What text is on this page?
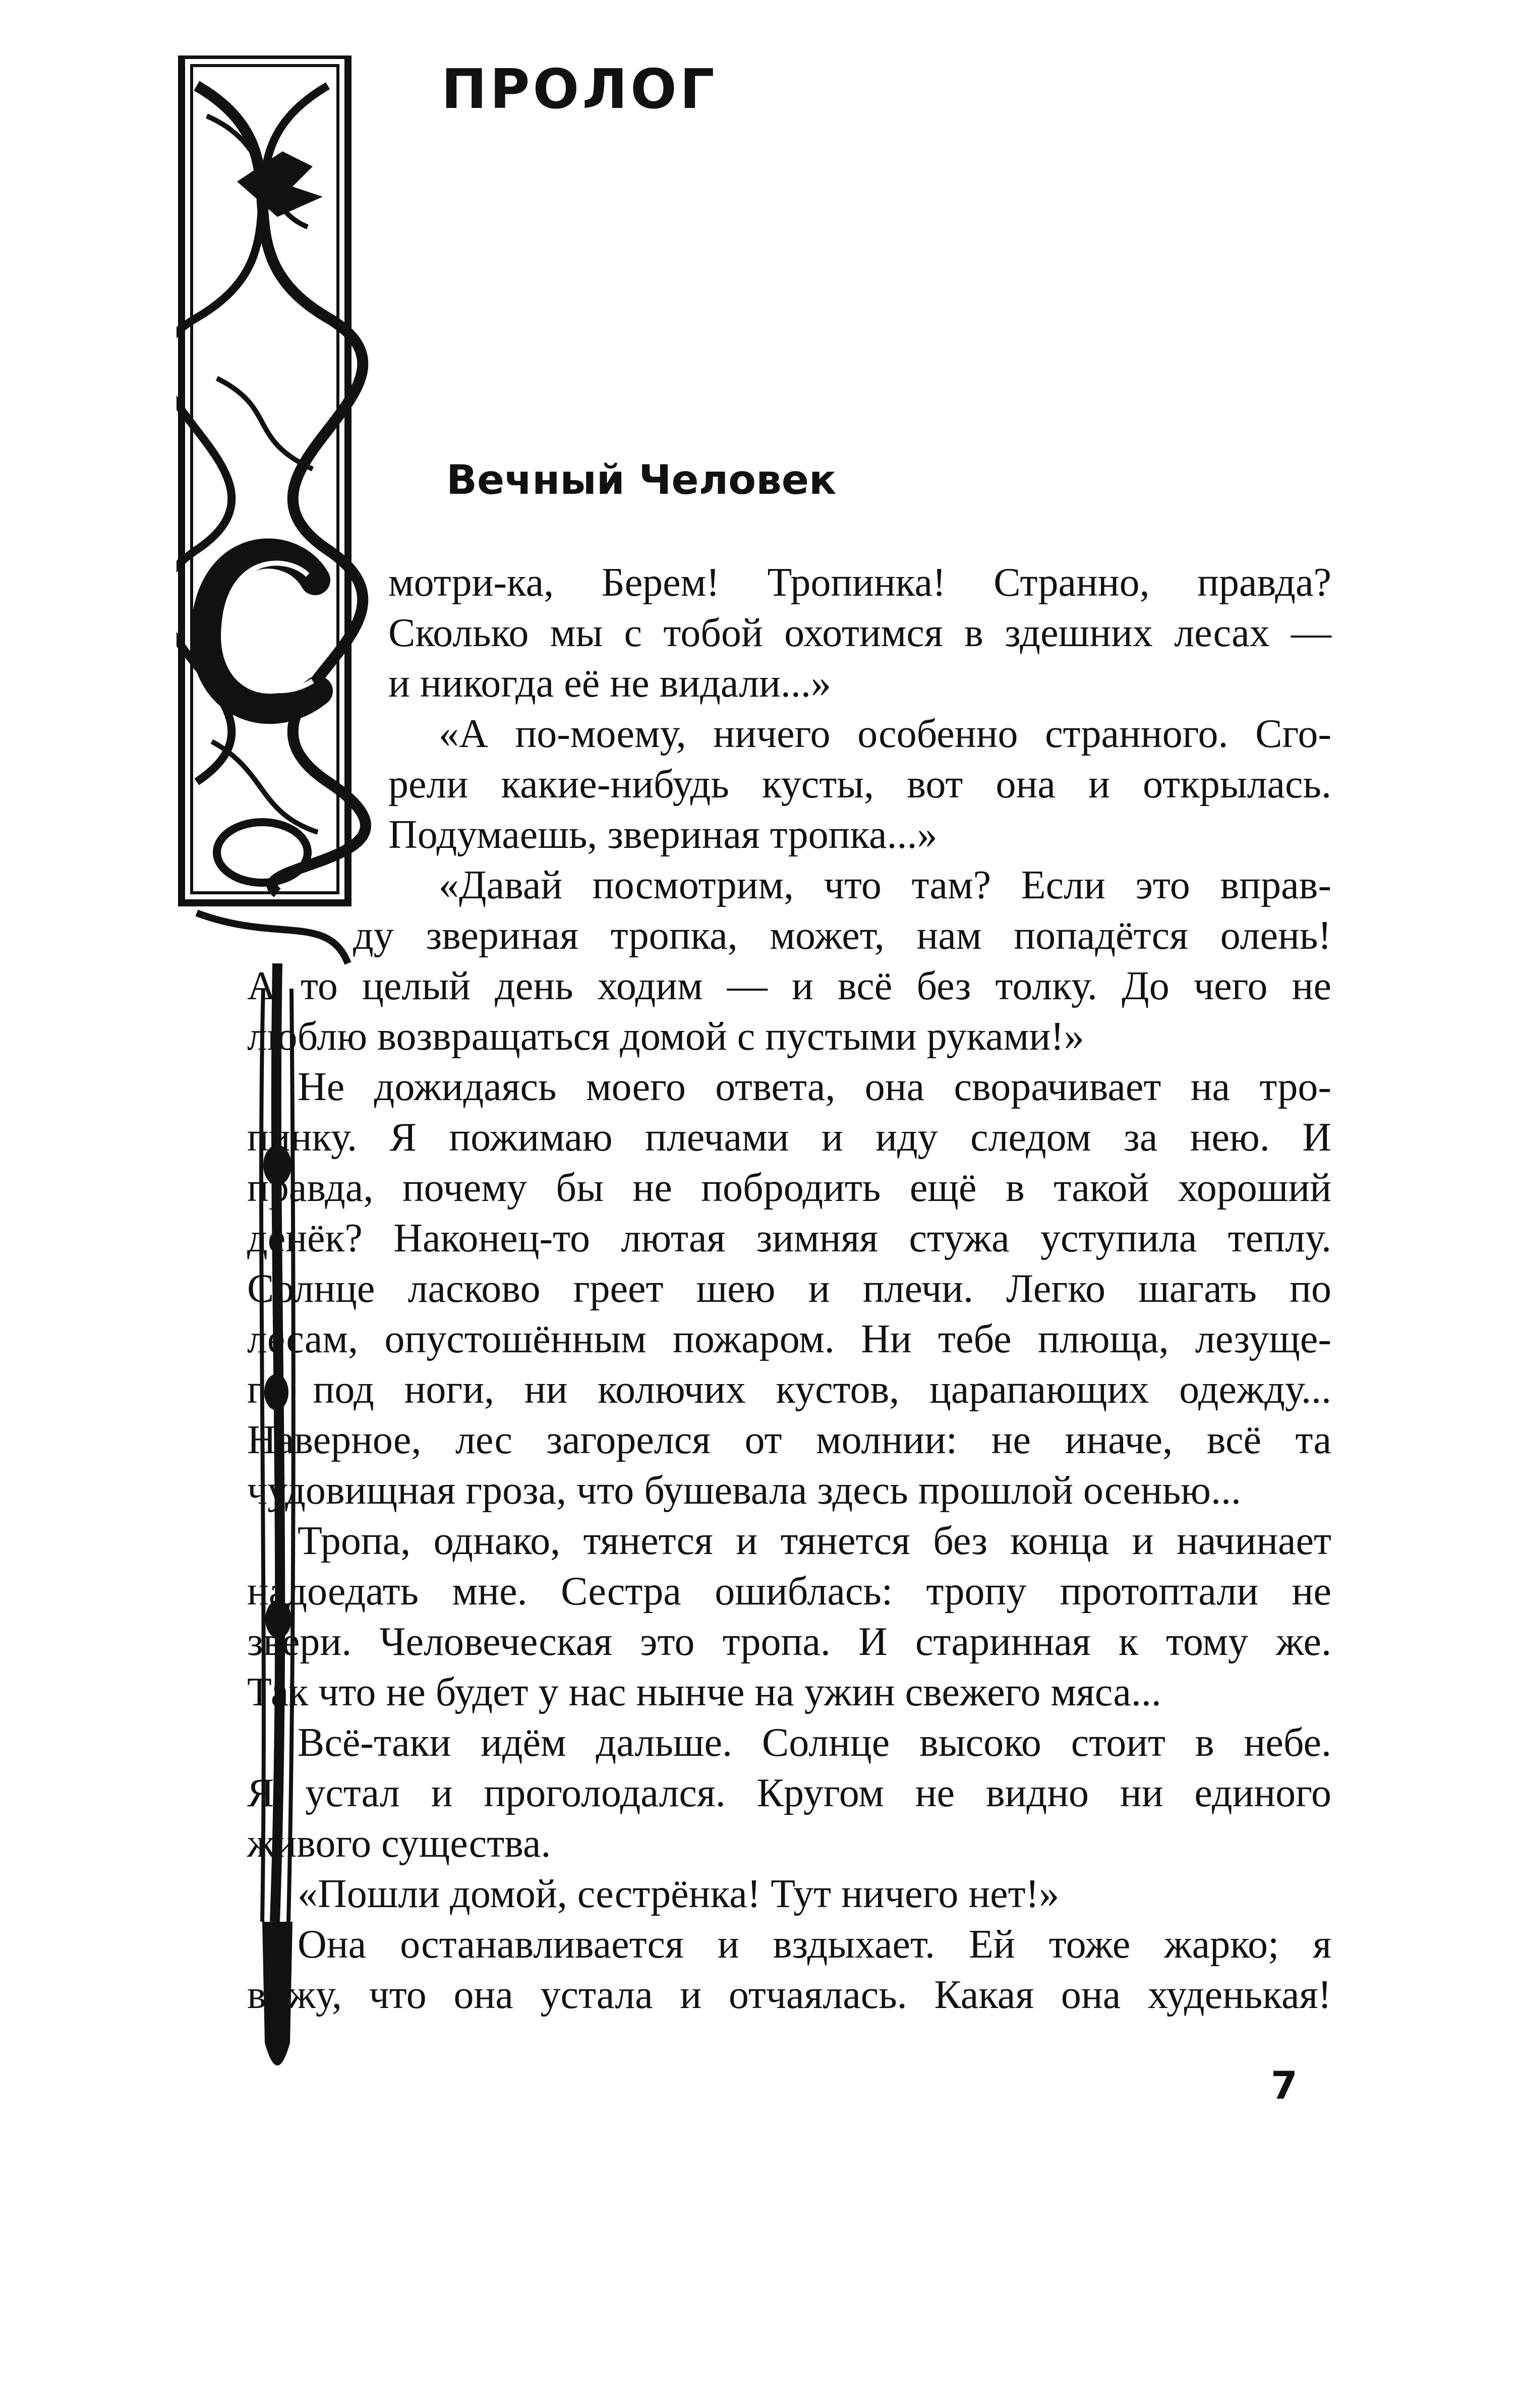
ПРОЛОГ
Вечный Человек

мотри-ка, Берем! Тропинка! Странно, правда?

Сколько мы с тобой охотимся в здешних лесах —

и никогда её не видали...»

«А по-моему, ничего особенно странного. Сго-

рели какие-нибудь кусты, вот она и открылась.

Подумаешь, звериная тропка...»

«Давай посмотрим, что там? Если это вправ-

ду звериная тропка, может, нам попадётся олень!

А то целый день ходим — и всё без толку. До чего не

люблю возвращаться домой с пустыми руками!»

Не дожидаясь моего ответа, она сворачивает на тро-

пинку. Я пожимаю плечами и иду следом за нею. И

правда, почему бы не побродить ещё в такой хороший

денёк? Наконец-то лютая зимняя стужа уступила теплу.

Солнце ласково греет шею и плечи. Легко шагать по

лесам, опустошённым пожаром. Ни тебе плюща, лезуще-

го под ноги, ни колючих кустов, царапающих одежду...

Наверное, лес загорелся от молнии: не иначе, всё та

чудовищная гроза, что бушевала здесь прошлой осенью...

Тропа, однако, тянется и тянется без конца и начинает

надоедать мне. Сестра ошиблась: тропу протоптали не

звери. Человеческая это тропа. И старинная к тому же.

Так что не будет у нас нынче на ужин свежего мяса...

Всё-таки идём дальше. Солнце высоко стоит в небе.

Я устал и проголодался. Кругом не видно ни единого

живого существа.

«Пошли домой, сестрёнка! Тут ничего нет!»

Она останавливается и вздыхает. Ей тоже жарко; я

вижу, что она устала и отчаялась. Какая она худенькая!

7
